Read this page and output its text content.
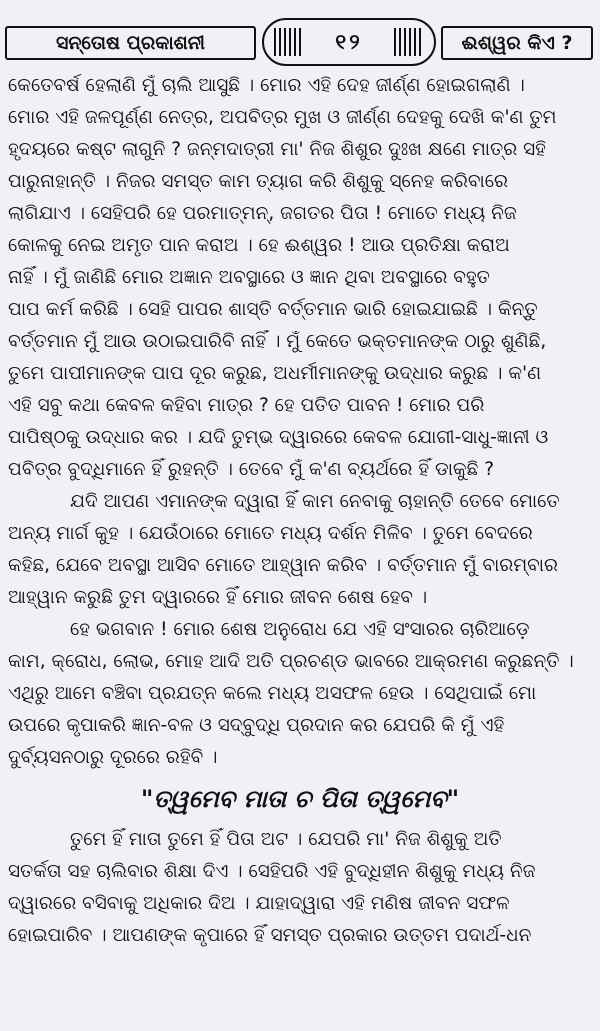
ସନ୍ତୋଷ ପ୍ରକାଶନୀ	୧୨	ଈଶ୍ୱର କିଏ ?
କେତେବର୍ଷ ହେଲାଣି ମୁଁ ଚାଲି ଆସୁଛି । ମୋର ଏହି ଦେହ ଜୀର୍ଣ୍ଣ ହୋଇଗଲାଣି ।
ମୋର ଏହି ଜଳପୂର୍ଣ୍ଣ ନେତ୍ର, ଅପବିତ୍ର ମୁଖ ଓ ଜୀର୍ଣ୍ଣ ଦେହକୁ ଦେଖି କ'ଣ ତୁମ
ହୃଦୟରେ କଷ୍ଟ ଲାଗୁନି ? ଜନ୍ମଦାତ୍ରୀ ମା' ନିଜ ଶିଶୁର ଦୁଃଖ କ୍ଷଣେ ମାତ୍ର ସହି
ପାରୁନାହାନ୍ତି । ନିଜର ସମସ୍ତ କାମ ତ୍ୟାଗ କରି ଶିଶୁକୁ ସ୍ନେହ କରିବାରେ
ଲାଗିଯାଏ । ସେହିପରି ହେ ପରମାତ୍ମନ୍, ଜଗତର ପିତା ! ମୋତେ ମଧ୍ୟ ନିଜ
କୋଳକୁ ନେଇ ଅମୃତ ପାନ କରାଅ । ହେ ଈଶ୍ୱର ! ଆଉ ପ୍ରତିକ୍ଷା କରାଅ
ନାହିଁ । ମୁଁ ଜାଣିଛି ମୋର ଅଜ୍ଞାନ ଅବସ୍ଥାରେ ଓ ଜ୍ଞାନ ଥିବା ଅବସ୍ଥାରେ ବହୁତ
ପାପ କର୍ମ କରିଛି । ସେହି ପାପର ଶାସ୍ତି ବର୍ତ୍ତମାନ ଭାରି ହୋଇଯାଇଛି । କିନ୍ତୁ
ବର୍ତ୍ତମାନ ମୁଁ ଆଉ ଉଠାଇପାରିବି ନାହିଁ । ମୁଁ କେତେ ଭକ୍ତମାନଙ୍କ ଠାରୁ ଶୁଣିଛି,
ତୁମେ ପାପୀମାନଙ୍କ ପାପ ଦୂର କରୁଛ, ଅଧର୍ମୀମାନଙ୍କୁ ଉଦ୍ଧାର କରୁଛ । କ'ଣ
ଏହି ସବୁ କଥା କେବଳ କହିବା ମାତ୍ର ? ହେ ପତିତ ପାବନ ! ମୋର ପରି
ପାପିଷ୍ଠକୁ ଉଦ୍ଧାର କର । ଯଦି ତୁମ୍ଭ ଦ୍ୱାରରେ କେବଳ ଯୋଗୀ-ସାଧୁ-ଜ୍ଞାନୀ ଓ
ପବିତ୍ର ବୁଦ୍ଧିମାନେ ହିଁ ରୁହନ୍ତି । ତେବେ ମୁଁ କ'ଣ ବ୍ୟର୍ଥରେ ହିଁ ଡାକୁଛି ?
ଯଦି ଆପଣ ଏମାନଙ୍କ ଦ୍ୱାରା ହିଁ କାମ ନେବାକୁ ଚାହାନ୍ତି ତେବେ ମୋତେ
ଅନ୍ୟ ମାର୍ଗ କୁହ । ଯେଉଁଠାରେ ମୋତେ ମଧ୍ୟ ଦର୍ଶନ ମିଳିବ । ତୁମେ ବେଦରେ
କହିଛ, ଯେବେ ଅବସ୍ଥା ଆସିବ ମୋତେ ଆହ୍ୱାନ କରିବ । ବର୍ତ୍ତମାନ ମୁଁ ବାରମ୍ବାର
ଆହ୍ୱାନ କରୁଛି ତୁମ ଦ୍ୱାରରେ ହିଁ ମୋର ଜୀବନ ଶେଷ ହେବ ।
ହେ ଭଗବାନ ! ମୋର ଶେଷ ଅନୁରୋଧ ଯେ ଏହି ସଂସାରର ଚାରିଆଡ଼େ
କାମ, କ୍ରୋଧ, ଲୋଭ, ମୋହ ଆଦି ଅତି ପ୍ରଚଣ୍ଡ ଭାବରେ ଆକ୍ରମଣ କରୁଛନ୍ତି ।
ଏଥିରୁ ଆମେ ବଞ୍ଚିବା ପ୍ରଯତ୍ନ କଲେ ମଧ୍ୟ ଅସଫଳ ହେଉ । ସେଥିପାଇଁ ମୋ
ଉପରେ କୃପାକରି ଜ୍ଞାନ-ବଳ ଓ ସଦ୍‌ବୁଦ୍ଧି ପ୍ରଦାନ କର ଯେପରି କି ମୁଁ ଏହି
ଦୁର୍ବ୍ୟସନଠାରୁ ଦୂରରେ ରହିବି ।
"ତ୍ୱମେବ ମାତା ଚ ପିତା ତ୍ୱମେବ"
ତୁମେ ହିଁ ମାତା ତୁମେ ହିଁ ପିତା ଅଟ । ଯେପରି ମା' ନିଜ ଶିଶୁକୁ ଅତି
ସତର୍କତା ସହ ଚାଲିବାର ଶିକ୍ଷା ଦିଏ । ସେହିପରି ଏହି ବୁଦ୍ଧିହୀନ ଶିଶୁକୁ ମଧ୍ୟ ନିଜ
ଦ୍ୱାରରେ ବସିବାକୁ ଅଧିକାର ଦିଅ । ଯାହାଦ୍ୱାରା ଏହି ମଣିଷ ଜୀବନ ସଫଳ
ହୋଇପାରିବ । ଆପଣଙ୍କ କୃପାରେ ହିଁ ସମସ୍ତ ପ୍ରକାର ଉତ୍ତମ ପଦାର୍ଥ-ଧନ
